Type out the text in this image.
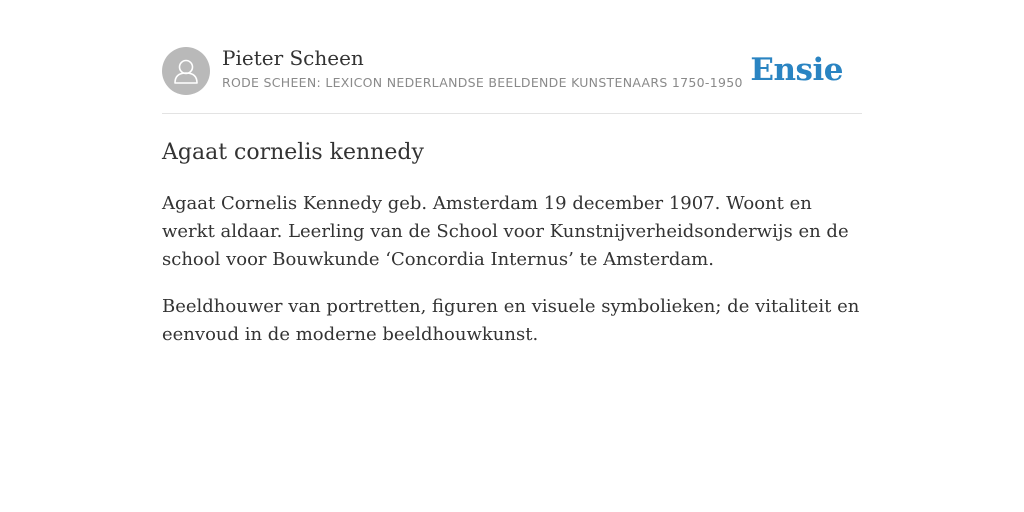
Pieter Scheen
RODE SCHEEN: LEXICON NEDERLANDSE BEELDENDE KUNSTENAARS 1750-1950 Ensie
Agaat cornelis kennedy

Agaat Cornelis Kennedy geb. Amsterdam 19 december 1907. Woont en werkt aldaar. Leerling van de School voor Kunstnijverheidsonderwijs en de school voor Bouwkunde ‘Concordia Internus’ te Amsterdam.

Beeldhouwer van portretten, figuren en visuele symbolieken; de vitaliteit en eenvoud in de moderne beeldhouwkunst.
